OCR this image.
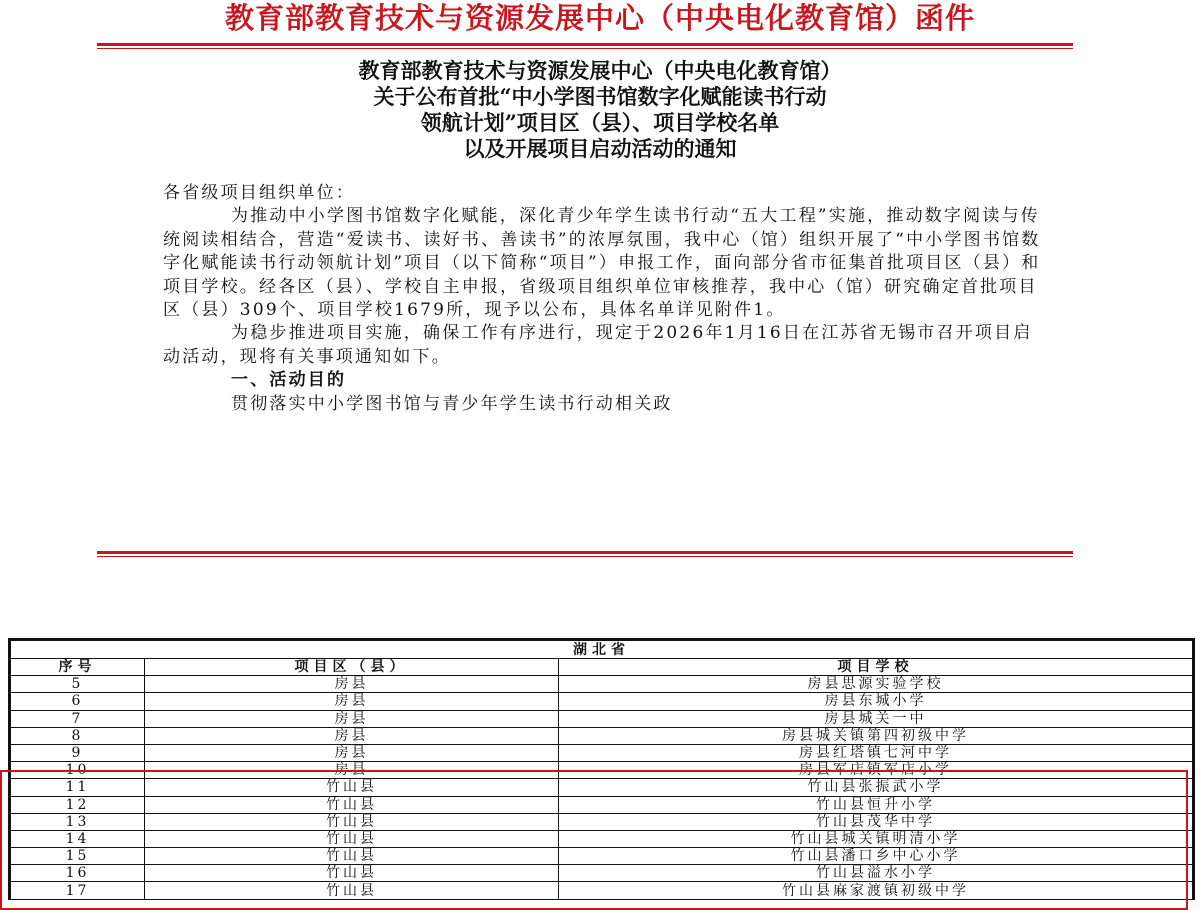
教育部教育技术与资源发展中心（中央电化教育馆）函件
教育部教育技术与资源发展中心（中央电化教育馆）
关于公布首批“中小学图书馆数字化赋能读书行动
领航计划”项目区（县）、项目学校名单
以及开展项目启动活动的通知

各省级项目组织单位：

为推动中小学图书馆数字化赋能，深化青少年学生读书行动“五大工程”实施，推动数字阅读与传统阅读相结合，营造“爱读书、读好书、善读书”的浓厚氛围，我中心（馆）组织开展了“中小学图书馆数字化赋能读书行动领航计划”项目（以下简称“项目”）申报工作，面向部分省市征集首批项目区（县）和项目学校。经各区（县）、学校自主申报，省级项目组织单位审核推荐，我中心（馆）研究确定首批项目区（县）309个、项目学校1679所，现予以公布，具体名单详见附件1。

为稳步推进项目实施，确保工作有序进行，现定于2026年1月16日在江苏省无锡市召开项目启动活动，现将有关事项通知如下。

一、活动目的

贯彻落实中小学图书馆与青少年学生读书行动相关政

湖北省		
序号	项目区（县）	项目学校
5	房县	房县思源实验学校
6	房县	房县东城小学
7	房县	房县城关一中
8	房县	房县城关镇第四初级中学
9	房县	房县红塔镇七河中学
10	房县	房县军店镇军店小学
11	竹山县	竹山县张振武小学
12	竹山县	竹山县恒升小学
13	竹山县	竹山县茂华中学
14	竹山县	竹山县城关镇明清小学
15	竹山县	竹山县潘口乡中心小学
16	竹山县	竹山县溢水小学
17	竹山县	竹山县麻家渡镇初级中学
